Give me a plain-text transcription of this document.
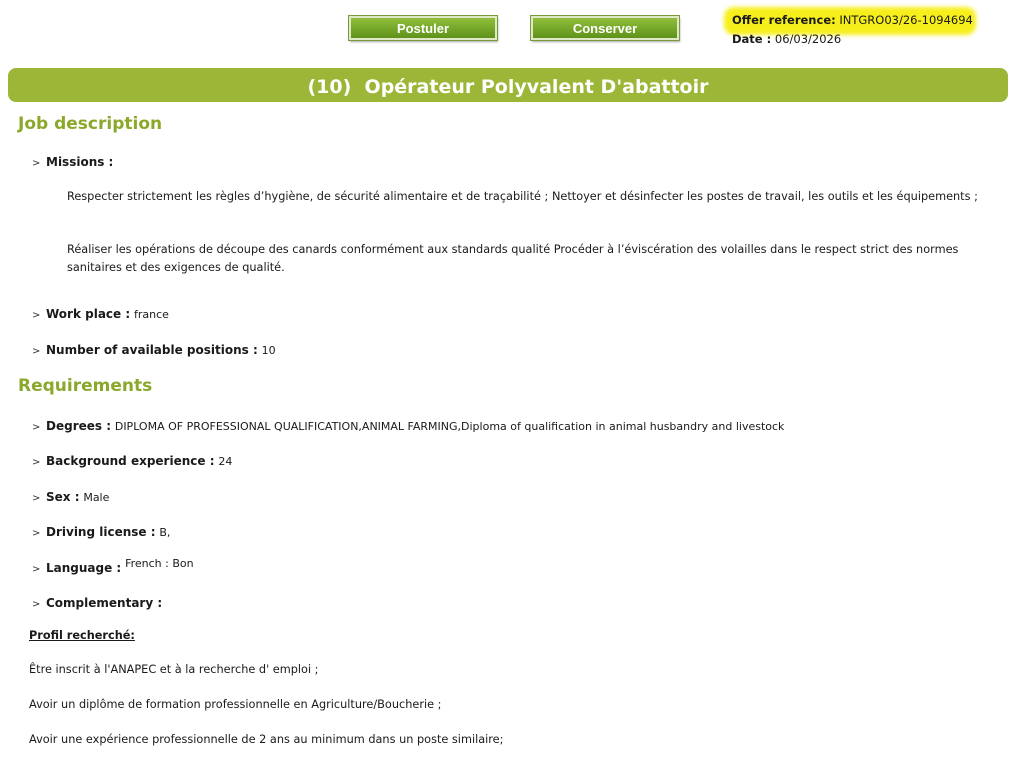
Postuler	Conserver
Offer reference: INTGRO03/26-1094694
Date : 06/03/2026
(10)  Opérateur Polyvalent D'abattoir
Job description
> Missions :

Respecter strictement les règles d’hygiène, de sécurité alimentaire et de traçabilité ; Nettoyer et désinfecter les postes de travail, les outils et les équipements ;

Réaliser les opérations de découpe des canards conformément aux standards qualité Procéder à l’éviscération des volailles dans le respect strict des normes sanitaires et des exigences de qualité.

> Work place : france
> Number of available positions : 10
Requirements
> Degrees : DIPLOMA OF PROFESSIONAL QUALIFICATION,ANIMAL FARMING,Diploma of qualification in animal husbandry and livestock
> Background experience : 24
> Sex : Male
> Driving license : B,
> Language : French : Bon
> Complementary :
Profil recherché:
Être inscrit à l'ANAPEC et à la recherche d' emploi ;
Avoir un diplôme de formation professionnelle en Agriculture/Boucherie ;
Avoir une expérience professionnelle de 2 ans au minimum dans un poste similaire;
